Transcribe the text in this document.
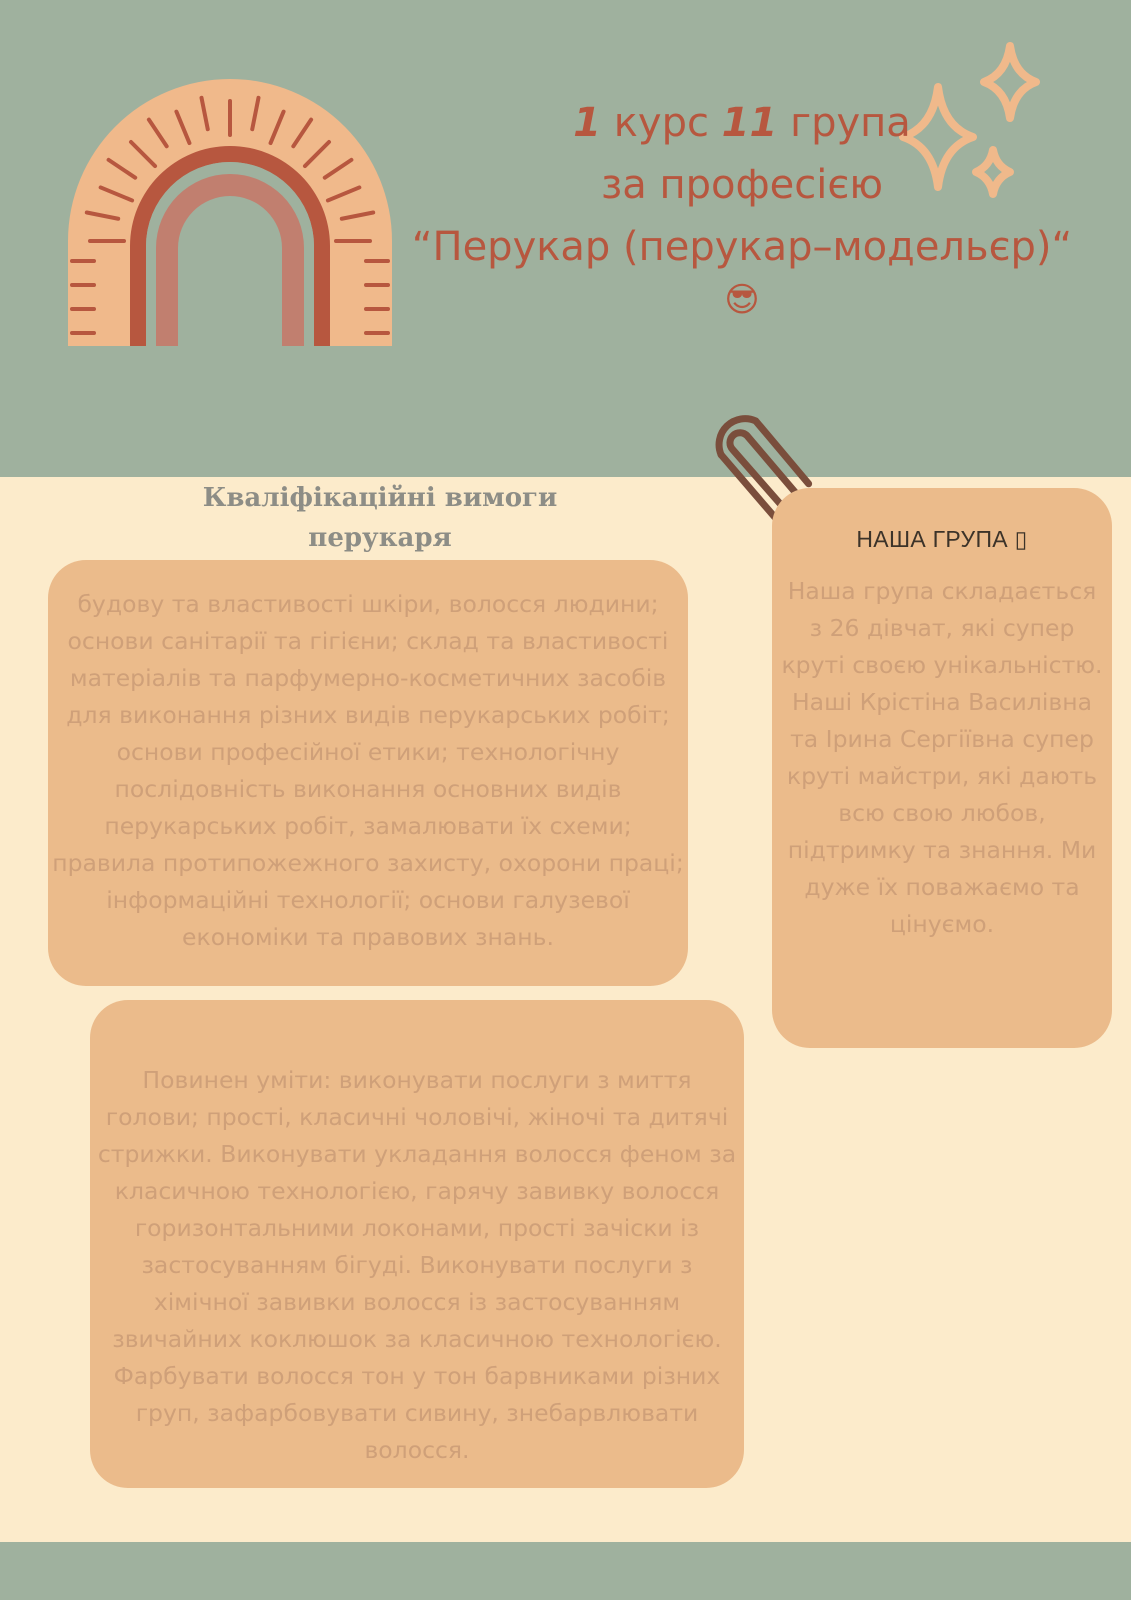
1 курс 11 група
за професією
“Перукар (перукар–модельєр)“
😎
Кваліфікаційні вимоги перукаря
будову та властивості шкіри, волосся людини; основи санітарії та гігієни; склад та властивості матеріалів та парфумерно-косметичних засобів для виконання різних видів перукарських робіт; основи професійної етики; технологічну послідовність виконання основних видів перукарських робіт, замалювати їх схеми; правила протипожежного захисту, охорони праці; інформаційні технології; основи галузевої економіки та правових знань.
Повинен уміти: виконувати послуги з миття голови; прості, класичні чоловічі, жіночі та дитячі стрижки. Виконувати укладання волосся феном за класичною технологією, гарячу завивку волосся горизонтальними локонами, прості зачіски із застосуванням бігуді. Виконувати послуги з хімічної завивки волосся із застосуванням звичайних коклюшок за класичною технологією. Фарбувати волосся тон у тон барвниками різних груп, зафарбовувати сивину, знебарвлювати волосся.
НАША ГРУПА ▯
Наша група складається з 26 дівчат, які супер круті своєю унікальністю. Наші Крістіна Василівна та Ірина Сергіївна супер круті майстри, які дають всю свою любов, підтримку та знання. Ми дуже їх поважаємо та цінуємо.
